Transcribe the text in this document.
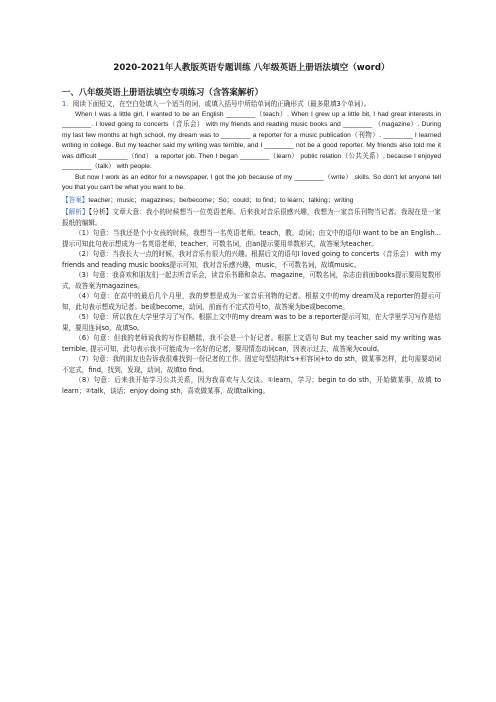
2020-2021年人教版英语专题训练 八年级英语上册语法填空（word）
一、八年级英语上册语法填空专项练习（含答案解析）

1．阅读下面短文，在空白处填入一个适当的词，或填入括号中所给单词的正确形式（最多限填3个单词）。

When I was a little girl, I wanted to be an English ________（teach）. When I grew up a little bit, I had great interests in ________. I loved going to concerts（音乐会） with my friends and reading music books and ________ （magazine）. During my last few months at high school, my dream was to ________ a reporter for a music publication（刊物）. ________ I learned writing in college. But my teacher said my writing was terrible, and I ________ not be a good reporter. My friends also told me it was difficult ________（find） a reporter job. Then I began ________（learn） public relation（公共关系）, because I enjoyed ________（talk） with people.

But now I work as an editor for a newspaper, I got the job because of my ________（write） skills. So don't let anyone tell you that you can't be what you want to be.

【答案】teacher；music；magazines；be/become；So；could；to find；to learn；talking；writing

【解析】【分析】文章大意：我小的时候想当一位英语老师。后来我对音乐很感兴趣，我想为一家音乐刊物当记者。我现在是一家报纸的编辑。

（1）句意：当我还是个小女孩的时候，我想当一名英语老师。teach，教，动词；由文中的语句I want to be an English...提示可知此句表示想成为一名英语老师，teacher，可数名词，由an提示要用单数形式，故答案为teacher。

（2）句意：当我长大一点的时候，我对音乐有很大的兴趣。根据后文的语句I loved going to concerts（音乐会） with my friends and reading music books提示可知，我对音乐感兴趣，music，不可数名词，故填music。

（3）句意：我喜欢和朋友们一起去听音乐会，读音乐书籍和杂志。magazine，可数名词，杂志由前面books提示要用复数形式，故答案为magazines。

（4）句意：在高中的最后几个月里，我的梦想是成为一家音乐刊物的记者。根据文中的my dream及a reporter的提示可知，此句表示想成为记者。be或become，动词，前面有不定式符号to，故答案为be或become。

（5）句意：所以我在大学里学习了写作。根据上文中的my dream was to be a reporter提示可知，在大学里学习写作是结果，要用连词so，故填So。

（6）句意：但我的老师说我的写作很糟糕，我不会是一个好记者。根据上文语句 But my teacher said my writing was terrible, 提示可知，此句表示我不可能成为一名好的记者，要用情态动词can，因表示过去，故答案为could。

（7）句意：我的朋友也告诉我很难找到一份记者的工作。固定句型结构it's+形容词+to do sth，做某事怎样，此句需要动词不定式，find，找到，发现，动词，故填to find。

（8）句意：后来我开始学习公共关系，因为我喜欢与人交谈。①learn，学习；begin to do sth，开始做某事，故填 to learn；②talk，谈话；enjoy doing sth，喜欢做某事，故填talking。
